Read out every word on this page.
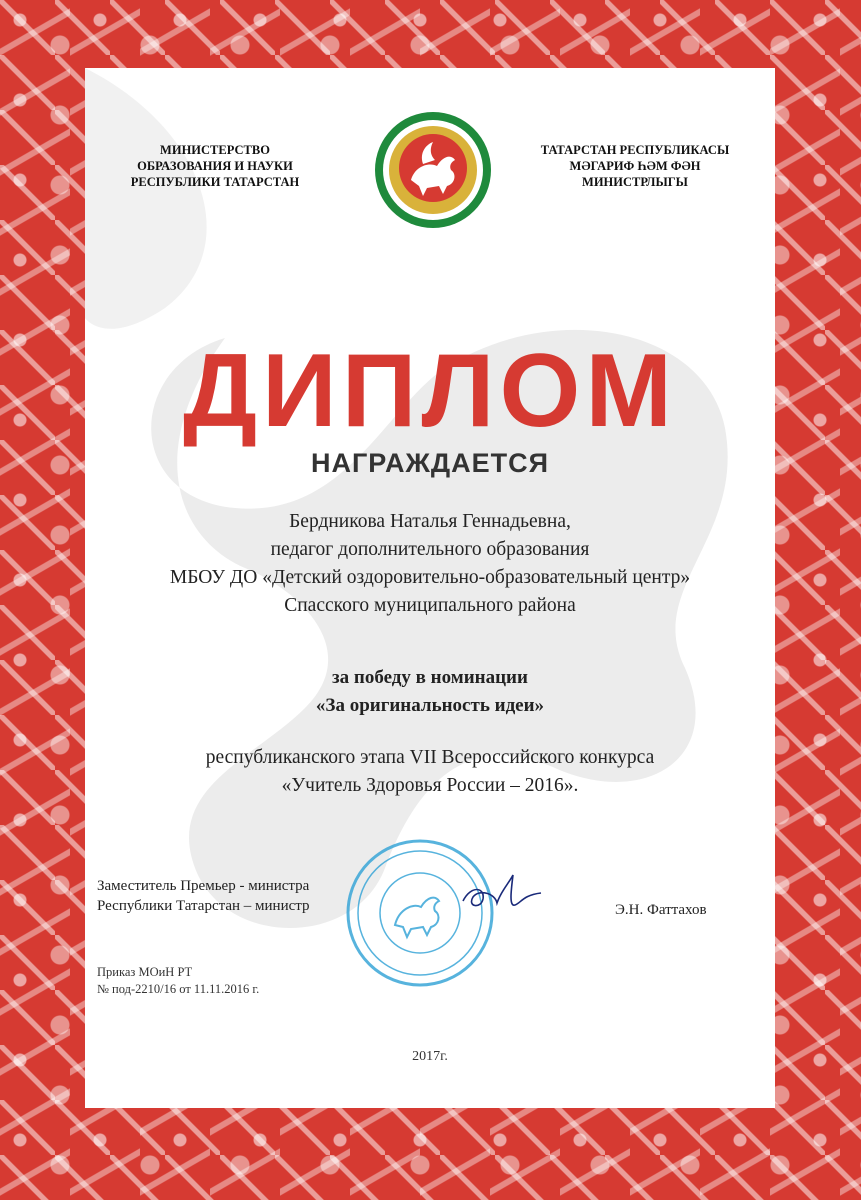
МИНИСТЕРСТВО
ОБРАЗОВАНИЯ И НАУКИ
РЕСПУБЛИКИ ТАТАРСТАН
ТАТАРСТАН РЕСПУБЛИКАСЫ
МӘГАРИФ ҺӘМ ФӘН
МИНИСТРЛЫГЫ
ДИПЛОМ
НАГРАЖДАЕТСЯ
Бердникова Наталья Геннадьевна,
педагог дополнительного образования
МБОУ ДО «Детский оздоровительно-образовательный центр»
Спасского муниципального района
за победу в номинации
«За оригинальность идеи»
республиканского этапа VII Всероссийского конкурса
«Учитель Здоровья России – 2016».
Заместитель Премьер - министра
Республики Татарстан – министр	Э.Н. Фаттахов
Приказ МОиН РТ
№ под-2210/16 от 11.11.2016 г.
2017г.
